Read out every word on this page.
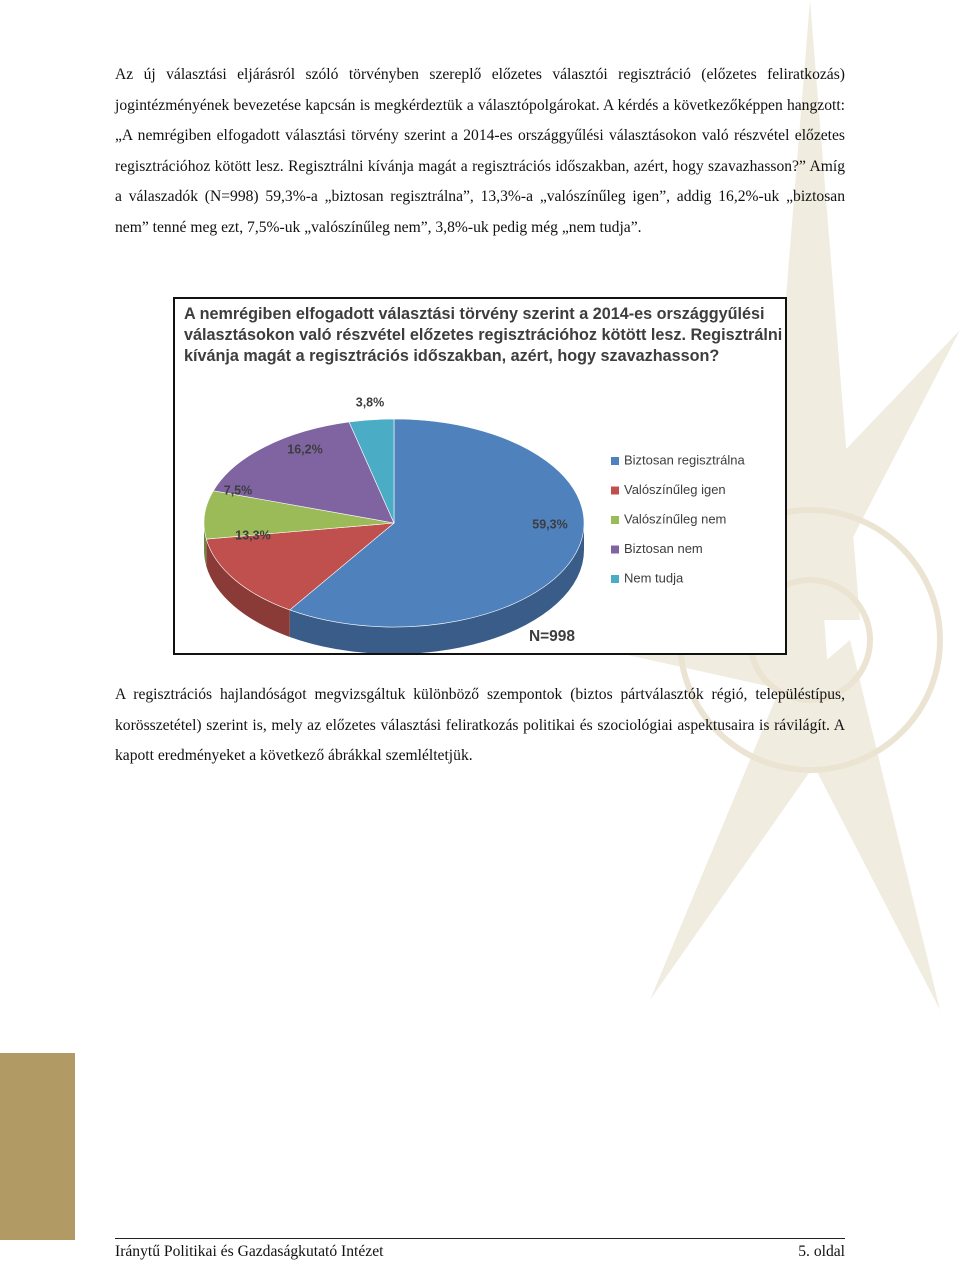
Az új választási eljárásról szóló törvényben szereplő előzetes választói regisztráció (előzetes feliratkozás) jogintézményének bevezetése kapcsán is megkérdeztük a választópolgárokat. A kérdés a következőképpen hangzott: „A nemrégiben elfogadott választási törvény szerint a 2014-es országgyűlési választásokon való részvétel előzetes regisztrációhoz kötött lesz. Regisztrálni kívánja magát a regisztrációs időszakban, azért, hogy szavazhasson?” Amíg a válaszadók (N=998) 59,3%-a „biztosan regisztrálna”, 13,3%-a „valószínűleg igen”, addig 16,2%-uk „biztosan nem” tenné meg ezt, 7,5%-uk „valószínűleg nem”, 3,8%-uk pedig még „nem tudja”.

A nemrégiben elfogadott választási törvény szerint a 2014-es országgyűlési választásokon való részvétel előzetes regisztrációhoz kötött lesz. Regisztrálni kívánja magát a regisztrációs időszakban, azért, hogy szavazhasson?

59,3%
13,3%
7,5%
16,2%
3,8%
Biztosan regisztrálna
Valószínűleg igen
Valószínűleg nem
Biztosan nem
Nem tudja
N=998

A regisztrációs hajlandóságot megvizsgáltuk különböző szempontok (biztos pártválasztók régió, településtípus, korösszetétel) szerint is, mely az előzetes választási feliratkozás politikai és szociológiai aspektusaira is rávilágít. A kapott eredményeket a következő ábrákkal szemléltetjük.

Iránytű Politikai és Gazdaságkutató Intézet	5. oldal
